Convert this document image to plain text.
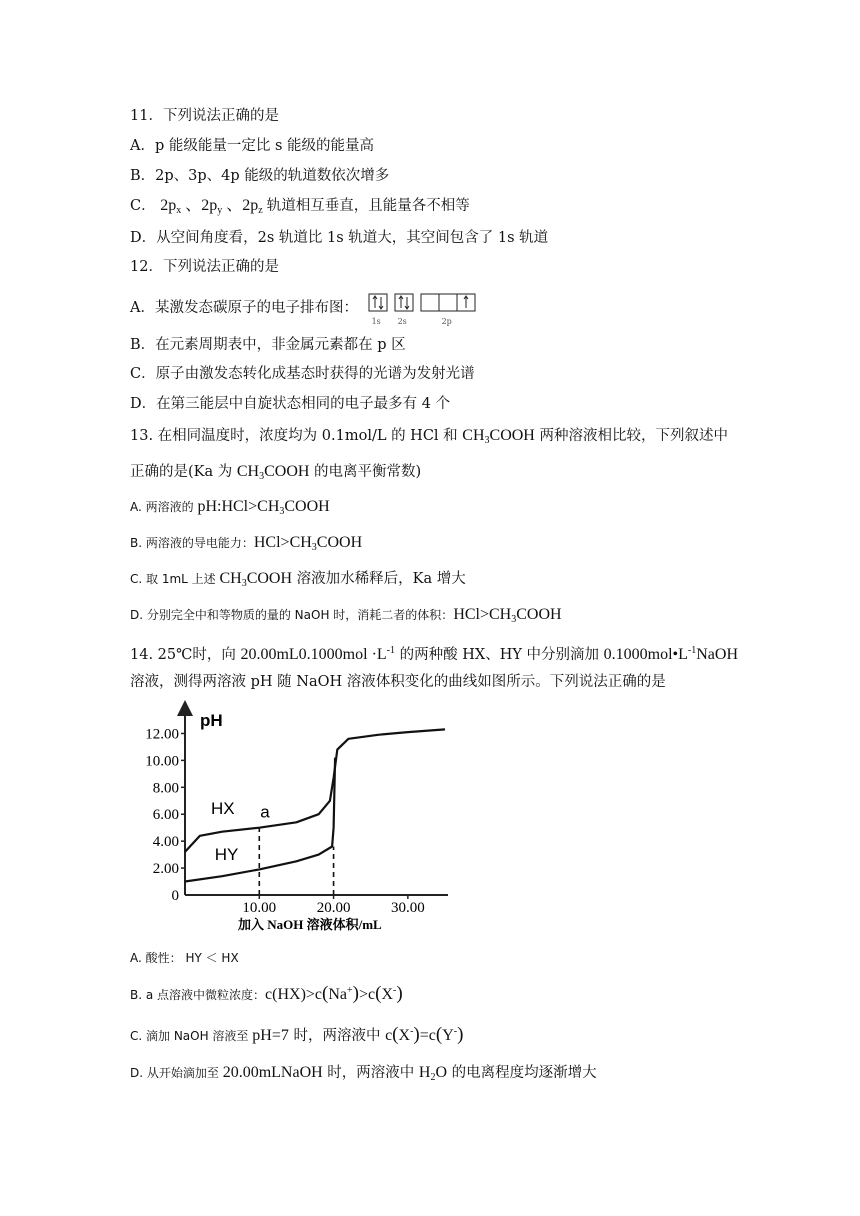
11．下列说法正确的是
A．p 能级能量一定比 s 能级的能量高
B．2p、3p、4p 能级的轨道数依次增多
C． $2p_x$ 、$2p_y$ 、$2p_z$ 轨道相互垂直，且能量各不相等
D．从空间角度看，2s 轨道比 1s 轨道大，其空间包含了 1s 轨道
12．下列说法正确的是
A．某激发态碳原子的电子排布图：
1s 2s	2p
B．在元素周期表中，非金属元素都在 p 区
C．原子由激发态转化成基态时获得的光谱为发射光谱
D．在第三能层中自旋状态相同的电子最多有 4 个
13. 在相同温度时，浓度均为 0.1mol/L 的 HCl 和 $CH_3COOH$ 两种溶液相比较，下列叙述中
正确的是(Ka 为 $CH_3COOH$ 的电离平衡常数)
A. 两溶液的 $pH:HCl>CH_3COOH$
B. 两溶液的导电能力：$HCl>CH_3COOH$
C. 取 1mL 上述 $CH_3COOH$ 溶液加水稀释后，Ka 增大
D. 分别完全中和等物质的量的 NaOH 时，消耗二者的体积：$HCl>CH_3COOH$
14. 25℃时，向 $20.00mL0.1000mol \cdot L^{-1}$ 的两种酸 HX、HY 中分别滴加 $0.1000mol•L^{-1}NaOH$
溶液，测得两溶液 pH 随 NaOH 溶液体积变化的曲线如图所示。下列说法正确的是
0
2.00
4.00
6.00
8.00
10.00
12.00
10.00	20.00	30.00
HX
HY
a
pH
加入 NaOH 溶液体积/mL
A. 酸性： HY ＜ HX
B. a 点溶液中微粒浓度：c(HX)>c(Na+)>c(X-)
C. 滴加 NaOH 溶液至 pH=7 时，两溶液中 c(X-)=c(Y-)
D. 从开始滴加至 20.00mLNaOH 时，两溶液中 $H_2O$ 的电离程度均逐渐增大
